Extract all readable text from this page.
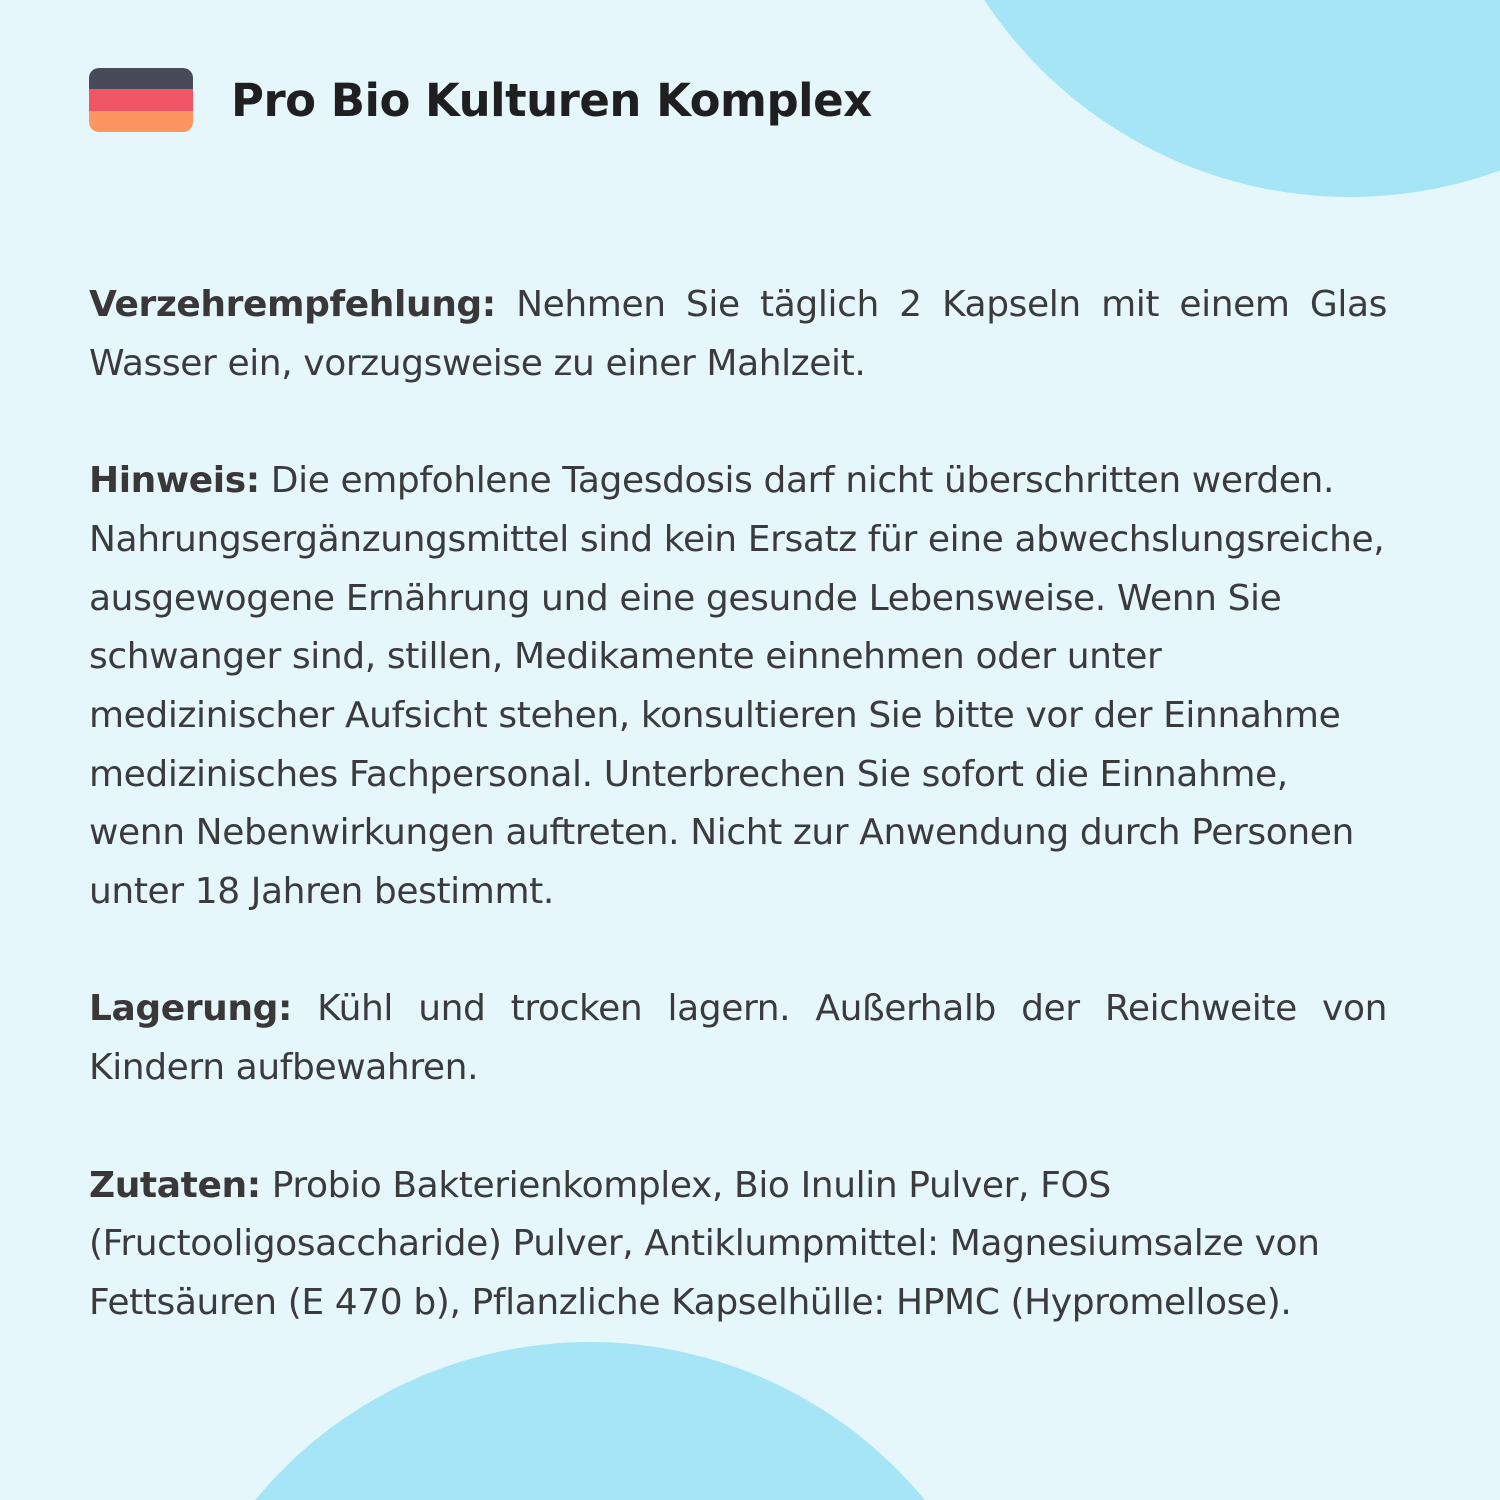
Pro Bio Kulturen Komplex

Verzehrempfehlung: Nehmen Sie täglich 2 Kapseln mit einem Glas Wasser ein, vorzugsweise zu einer Mahlzeit.

Hinweis: Die empfohlene Tagesdosis darf nicht überschritten werden. Nahrungsergänzungsmittel sind kein Ersatz für eine abwechslungsreiche, ausgewogene Ernährung und eine gesunde Lebensweise. Wenn Sie schwanger sind, stillen, Medikamente einnehmen oder unter medizinischer Aufsicht stehen, konsultieren Sie bitte vor der Einnahme medizinisches Fachpersonal. Unterbrechen Sie sofort die Einnahme, wenn Nebenwirkungen auftreten. Nicht zur Anwendung durch Personen unter 18 Jahren bestimmt.

Lagerung: Kühl und trocken lagern. Außerhalb der Reichweite von Kindern aufbewahren.

Zutaten: Probio Bakterienkomplex, Bio Inulin Pulver, FOS (Fructooligosaccharide) Pulver, Antiklumpmittel: Magnesiumsalze von Fettsäuren (E 470 b), Pflanzliche Kapselhülle: HPMC (Hypromellose).
